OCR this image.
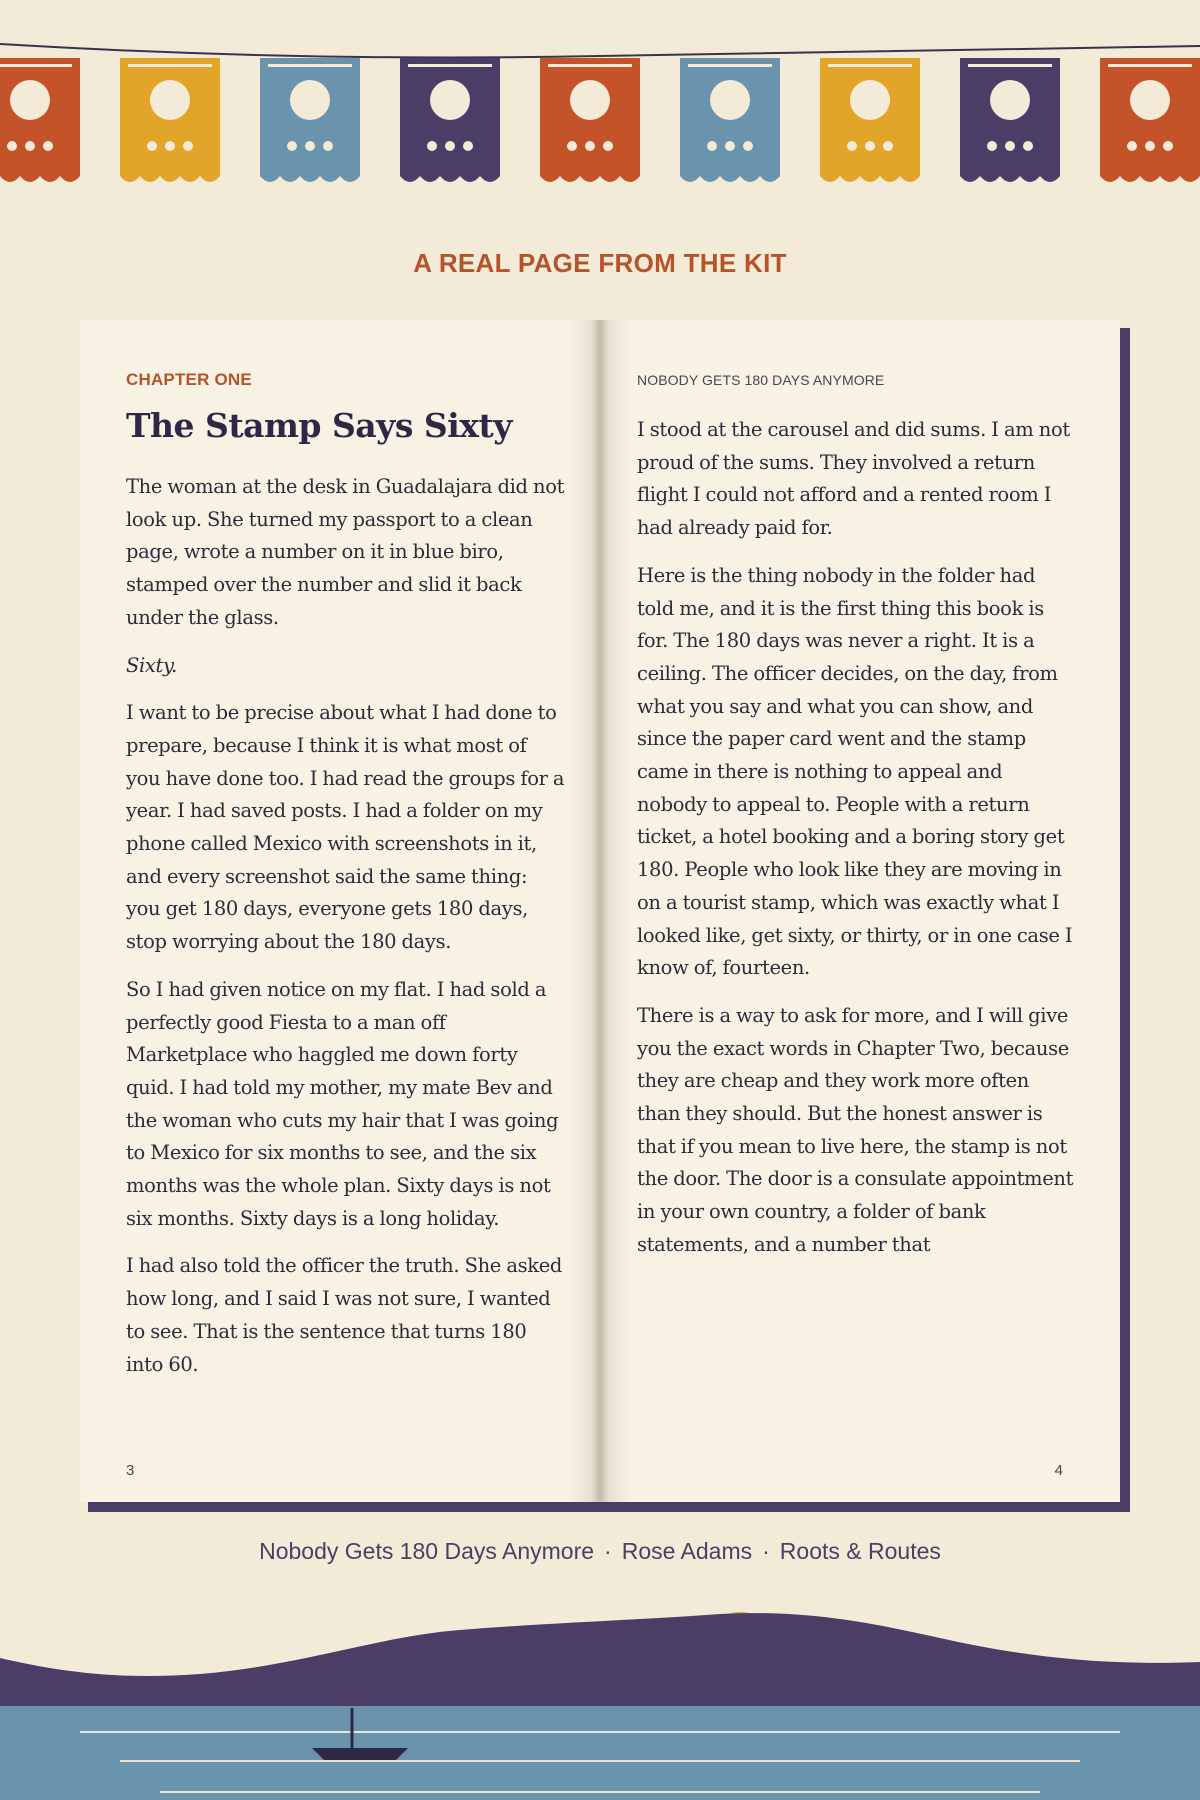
A REAL PAGE FROM THE KIT
CHAPTER ONE
The Stamp Says Sixty

The woman at the desk in Guadalajara did not look up. She turned my passport to a clean page, wrote a number on it in blue biro, stamped over the number and slid it back under the glass.

Sixty.

I want to be precise about what I had done to prepare, because I think it is what most of you have done too. I had read the groups for a year. I had saved posts. I had a folder on my phone called Mexico with screenshots in it, and every screenshot said the same thing: you get 180 days, everyone gets 180 days, stop worrying about the 180 days.

So I had given notice on my flat. I had sold a perfectly good Fiesta to a man off Marketplace who haggled me down forty quid. I had told my mother, my mate Bev and the woman who cuts my hair that I was going to Mexico for six months to see, and the six months was the whole plan. Sixty days is not six months. Sixty days is a long holiday.

I had also told the officer the truth. She asked how long, and I said I was not sure, I wanted to see. That is the sentence that turns 180 into 60.

3
NOBODY GETS 180 DAYS ANYMORE

I stood at the carousel and did sums. I am not proud of the sums. They involved a return flight I could not afford and a rented room I had already paid for.

Here is the thing nobody in the folder had told me, and it is the first thing this book is for. The 180 days was never a right. It is a ceiling. The officer decides, on the day, from what you say and what you can show, and since the paper card went and the stamp came in there is nothing to appeal and nobody to appeal to. People with a return ticket, a hotel booking and a boring story get 180. People who look like they are moving in on a tourist stamp, which was exactly what I looked like, get sixty, or thirty, or in one case I know of, fourteen.

There is a way to ask for more, and I will give you the exact words in Chapter Two, because they are cheap and they work more often than they should. But the honest answer is that if you mean to live here, the stamp is not the door. The door is a consulate appointment in your own country, a folder of bank statements, and a number that

4
Nobody Gets 180 Days Anymore · Rose Adams · Roots & Routes
